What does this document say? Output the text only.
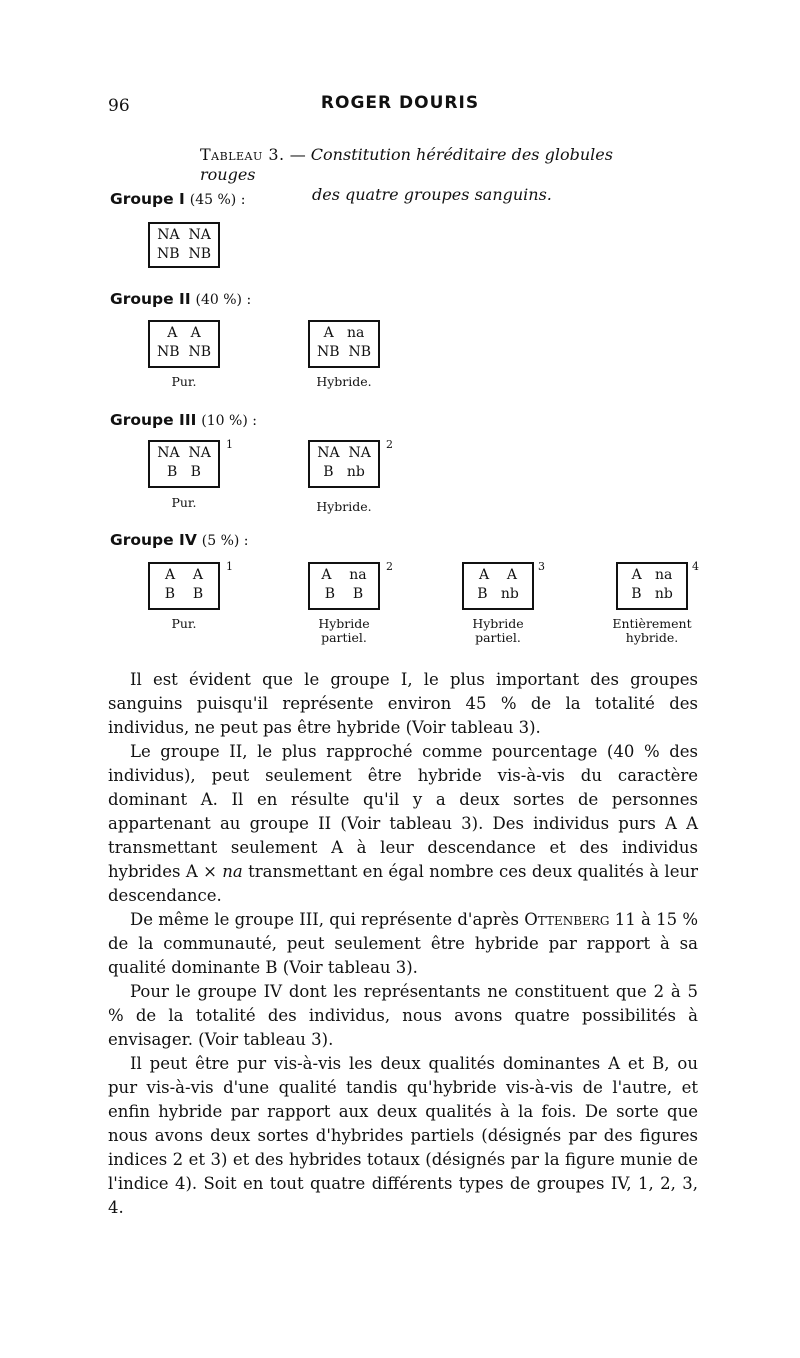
96	ROGER DOURIS
Tableau 3. — Constitution héréditaire des globules rouges
des quatre groupes sanguins.
Groupe I (45 %) :
NA  NA
NB  NB
Groupe II (40 %) :
A   A
NB  NB
Pur.
A   na
NB  NB
Hybride.
Groupe III (10 %) :
NA  NA
B   B
1
Pur.
NA  NA
B   nb
2
Hybride.
Groupe IV (5 %) :
A    A
B    B
1
Pur.
A    na
B    B
2
Hybride
partiel.
A    A
B   nb
3
Hybride
partiel.
A   na
B   nb
4
Entièrement
hybride.

Il est évident que le groupe I, le plus important des groupes sanguins puisqu'il représente environ 45 % de la totalité des individus, ne peut pas être hybride (Voir tableau 3).

Le groupe II, le plus rapproché comme pourcentage (40 % des individus), peut seulement être hybride vis-à-vis du caractère dominant A. Il en résulte qu'il y a deux sortes de personnes appartenant au groupe II (Voir tableau 3). Des individus purs A A transmettant seulement A à leur descendance et des individus hybrides A × na transmettant en égal nombre ces deux qualités à leur descendance.

De même le groupe III, qui représente d'après Ottenberg 11 à 15 % de la communauté, peut seulement être hybride par rapport à sa qualité dominante B (Voir tableau 3).

Pour le groupe IV dont les représentants ne constituent que 2 à 5 % de la totalité des individus, nous avons quatre possibilités à envisager. (Voir tableau 3).

Il peut être pur vis-à-vis les deux qualités dominantes A et B, ou pur vis-à-vis d'une qualité tandis qu'hybride vis-à-vis de l'autre, et enfin hybride par rapport aux deux qualités à la fois. De sorte que nous avons deux sortes d'hybrides partiels (désignés par des figures indices 2 et 3) et des hybrides totaux (désignés par la figure munie de l'indice 4). Soit en tout quatre différents types de groupes IV, 1, 2, 3, 4.
